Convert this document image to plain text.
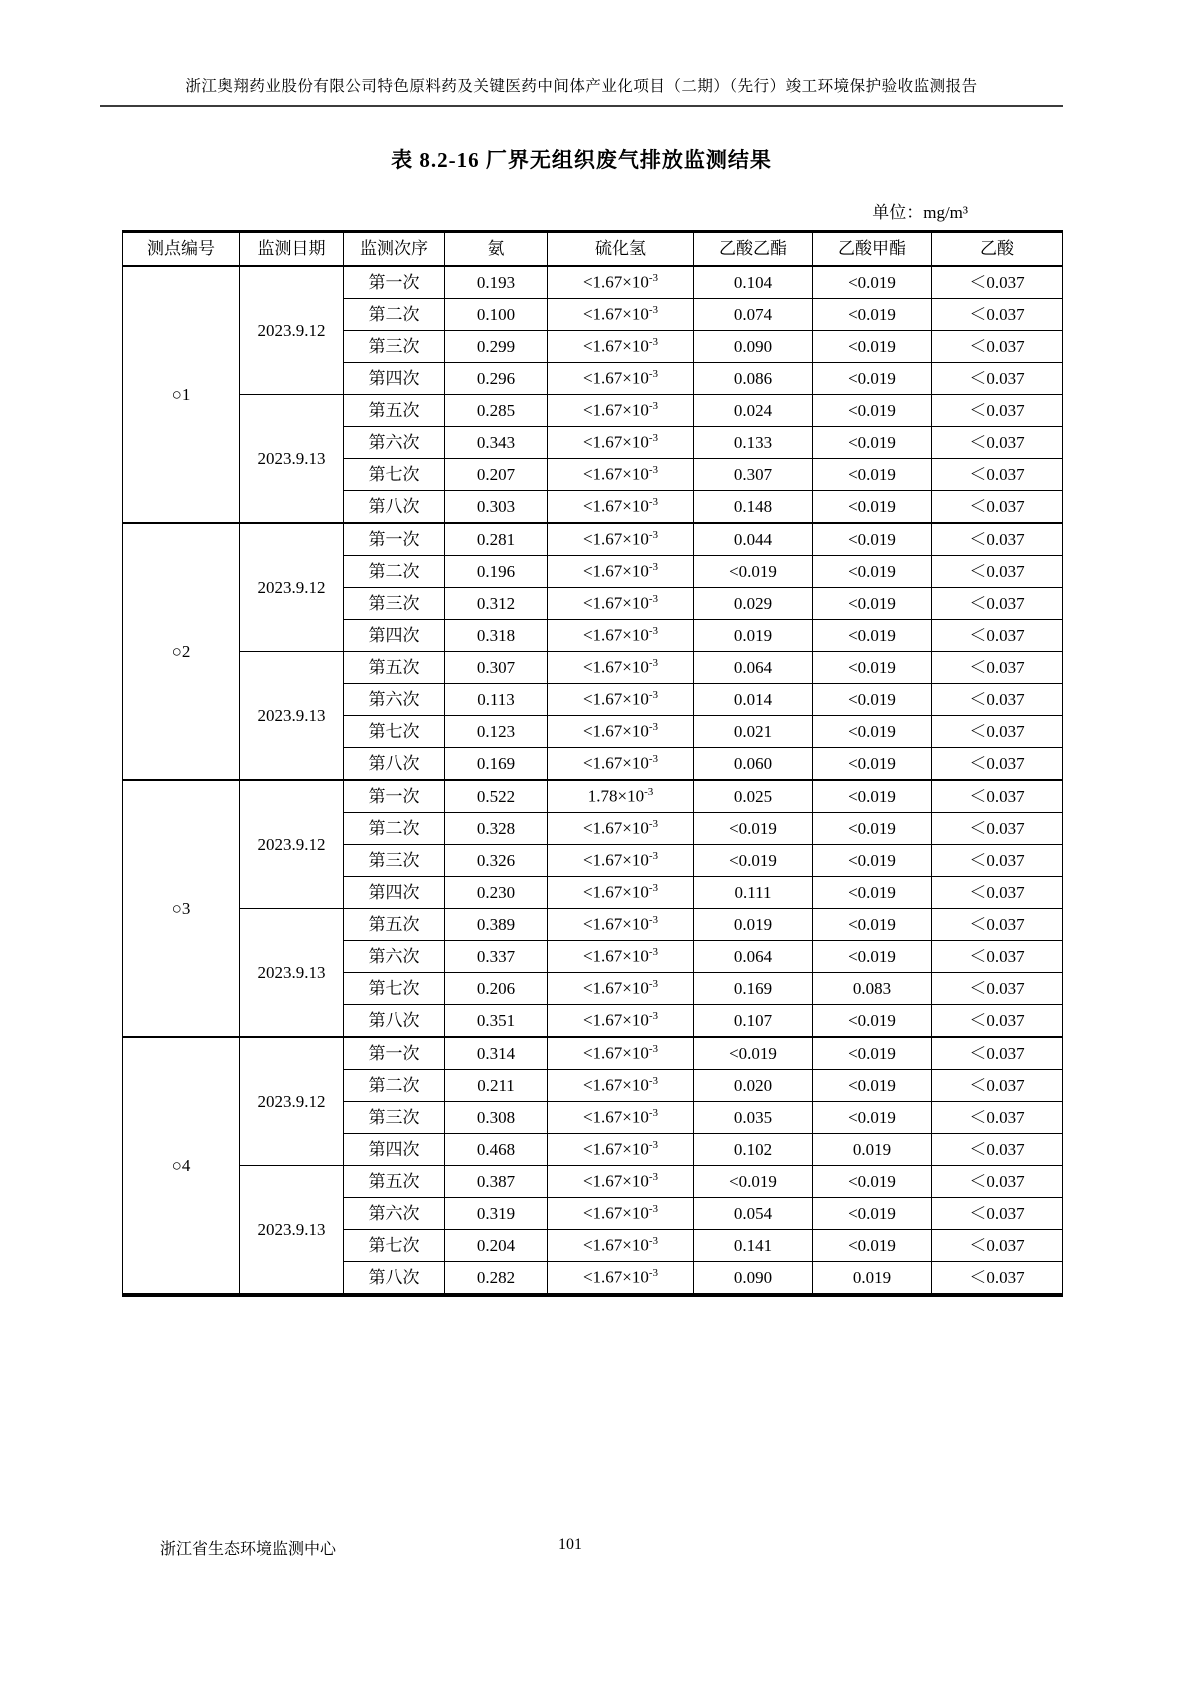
浙江奥翔药业股份有限公司特色原料药及关键医药中间体产业化项目（二期）（先行）竣工环境保护验收监测报告
表 8.2-16 厂界无组织废气排放监测结果
单位：mg/m³
测点编号	监测日期	监测次序	氨	硫化氢	乙酸乙酯	乙酸甲酯	乙酸
○1	2023.9.12	第一次	0.193	$<1.67\times 10^{-3}$	0.104	<0.019	＜0.037
		第二次	0.100	$<1.67\times 10^{-3}$	0.074	<0.019	＜0.037
		第三次	0.299	$<1.67\times 10^{-3}$	0.090	<0.019	＜0.037
		第四次	0.296	$<1.67\times 10^{-3}$	0.086	<0.019	＜0.037
	2023.9.13	第五次	0.285	$<1.67\times 10^{-3}$	0.024	<0.019	＜0.037
		第六次	0.343	$<1.67\times 10^{-3}$	0.133	<0.019	＜0.037
		第七次	0.207	$<1.67\times 10^{-3}$	0.307	<0.019	＜0.037
		第八次	0.303	$<1.67\times 10^{-3}$	0.148	<0.019	＜0.037
○2	2023.9.12	第一次	0.281	$<1.67\times 10^{-3}$	0.044	<0.019	＜0.037
		第二次	0.196	$<1.67\times 10^{-3}$	<0.019	<0.019	＜0.037
		第三次	0.312	$<1.67\times 10^{-3}$	0.029	<0.019	＜0.037
		第四次	0.318	$<1.67\times 10^{-3}$	0.019	<0.019	＜0.037
	2023.9.13	第五次	0.307	$<1.67\times 10^{-3}$	0.064	<0.019	＜0.037
		第六次	0.113	$<1.67\times 10^{-3}$	0.014	<0.019	＜0.037
		第七次	0.123	$<1.67\times 10^{-3}$	0.021	<0.019	＜0.037
		第八次	0.169	$<1.67\times 10^{-3}$	0.060	<0.019	＜0.037
○3	2023.9.12	第一次	0.522	$1.78\times 10^{-3}$	0.025	<0.019	＜0.037
		第二次	0.328	$<1.67\times 10^{-3}$	<0.019	<0.019	＜0.037
		第三次	0.326	$<1.67\times 10^{-3}$	<0.019	<0.019	＜0.037
		第四次	0.230	$<1.67\times 10^{-3}$	0.111	<0.019	＜0.037
	2023.9.13	第五次	0.389	$<1.67\times 10^{-3}$	0.019	<0.019	＜0.037
		第六次	0.337	$<1.67\times 10^{-3}$	0.064	<0.019	＜0.037
		第七次	0.206	$<1.67\times 10^{-3}$	0.169	0.083	＜0.037
		第八次	0.351	$<1.67\times 10^{-3}$	0.107	<0.019	＜0.037
○4	2023.9.12	第一次	0.314	$<1.67\times 10^{-3}$	<0.019	<0.019	＜0.037
		第二次	0.211	$<1.67\times 10^{-3}$	0.020	<0.019	＜0.037
		第三次	0.308	$<1.67\times 10^{-3}$	0.035	<0.019	＜0.037
		第四次	0.468	$<1.67\times 10^{-3}$	0.102	0.019	＜0.037
	2023.9.13	第五次	0.387	$<1.67\times 10^{-3}$	<0.019	<0.019	＜0.037
		第六次	0.319	$<1.67\times 10^{-3}$	0.054	<0.019	＜0.037
		第七次	0.204	$<1.67\times 10^{-3}$	0.141	<0.019	＜0.037
		第八次	0.282	$<1.67\times 10^{-3}$	0.090	0.019	＜0.037
浙江省生态环境监测中心	101
